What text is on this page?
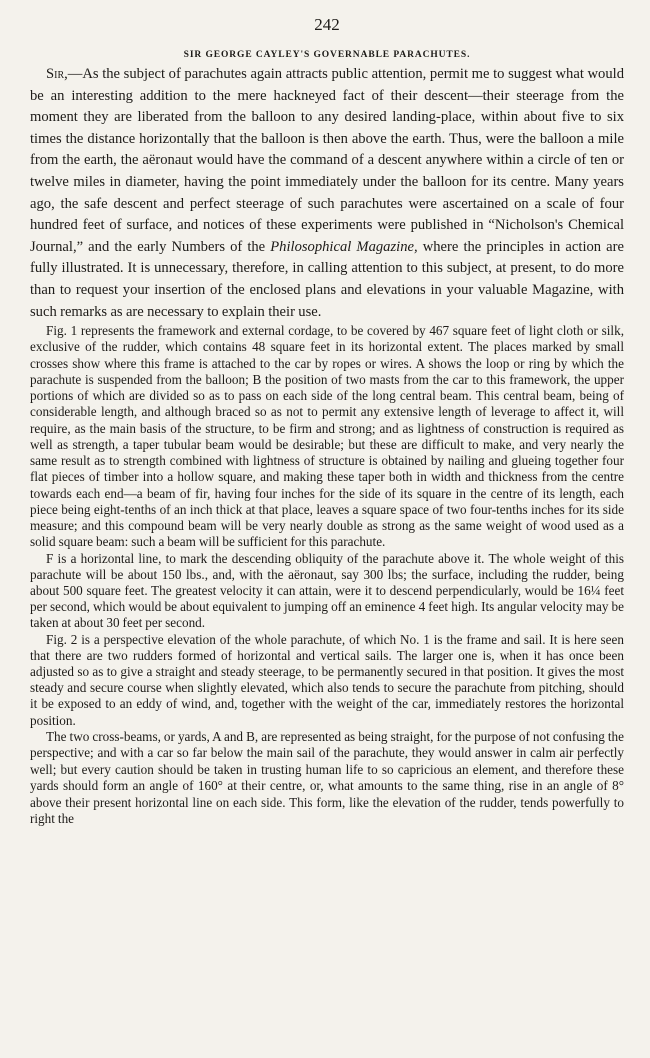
242
SIR GEORGE CAYLEY'S GOVERNABLE PARACHUTES.

Sir,—As the subject of parachutes again attracts public attention, permit me to suggest what would be an interesting addition to the mere hackneyed fact of their descent—their steerage from the moment they are liberated from the balloon to any desired landing-place, within about five to six times the distance horizontally that the balloon is then above the earth. Thus, were the balloon a mile from the earth, the aëronaut would have the command of a descent anywhere within a circle of ten or twelve miles in diameter, having the point immediately under the balloon for its centre. Many years ago, the safe descent and perfect steerage of such parachutes were ascertained on a scale of four hundred feet of surface, and notices of these experiments were published in “Nicholson's Chemical Journal,” and the early Numbers of the Philosophical Magazine, where the principles in action are fully illustrated. It is unnecessary, therefore, in calling attention to this subject, at present, to do more than to request your insertion of the enclosed plans and elevations in your valuable Magazine, with such remarks as are necessary to explain their use.

Fig. 1 represents the framework and external cordage, to be covered by 467 square feet of light cloth or silk, exclusive of the rudder, which contains 48 square feet in its horizontal extent. The places marked by small crosses show where this frame is attached to the car by ropes or wires. A shows the loop or ring by which the parachute is suspended from the balloon; B the position of two masts from the car to this framework, the upper portions of which are divided so as to pass on each side of the long central beam. This central beam, being of considerable length, and although braced so as not to permit any extensive length of leverage to affect it, will require, as the main basis of the structure, to be firm and strong; and as lightness of construction is required as well as strength, a taper tubular beam would be desirable; but these are difficult to make, and very nearly the same result as to strength combined with lightness of structure is obtained by nailing and glueing together four flat pieces of timber into a hollow square, and making these taper both in width and thickness from the centre towards each end—a beam of fir, having four inches for the side of its square in the centre of its length, each piece being eight-tenths of an inch thick at that place, leaves a square space of two four-tenths inches for its side measure; and this compound beam will be very nearly double as strong as the same weight of wood used as a solid square beam: such a beam will be sufficient for this parachute.

F is a horizontal line, to mark the descending obliquity of the parachute above it. The whole weight of this parachute will be about 150 lbs., and, with the aëronaut, say 300 lbs; the surface, including the rudder, being about 500 square feet. The greatest velocity it can attain, were it to descend perpendicularly, would be 16¼ feet per second, which would be about equivalent to jumping off an eminence 4 feet high. Its angular velocity may be taken at about 30 feet per second.

Fig. 2 is a perspective elevation of the whole parachute, of which No. 1 is the frame and sail. It is here seen that there are two rudders formed of horizontal and vertical sails. The larger one is, when it has once been adjusted so as to give a straight and steady steerage, to be permanently secured in that position. It gives the most steady and secure course when slightly elevated, which also tends to secure the parachute from pitching, should it be exposed to an eddy of wind, and, together with the weight of the car, immediately restores the horizontal position.

The two cross-beams, or yards, A and B, are represented as being straight, for the purpose of not confusing the perspective; and with a car so far below the main sail of the parachute, they would answer in calm air perfectly well; but every caution should be taken in trusting human life to so capricious an element, and therefore these yards should form an angle of 160° at their centre, or, what amounts to the same thing, rise in an angle of 8° above their present horizontal line on each side. This form, like the elevation of the rudder, tends powerfully to right the
